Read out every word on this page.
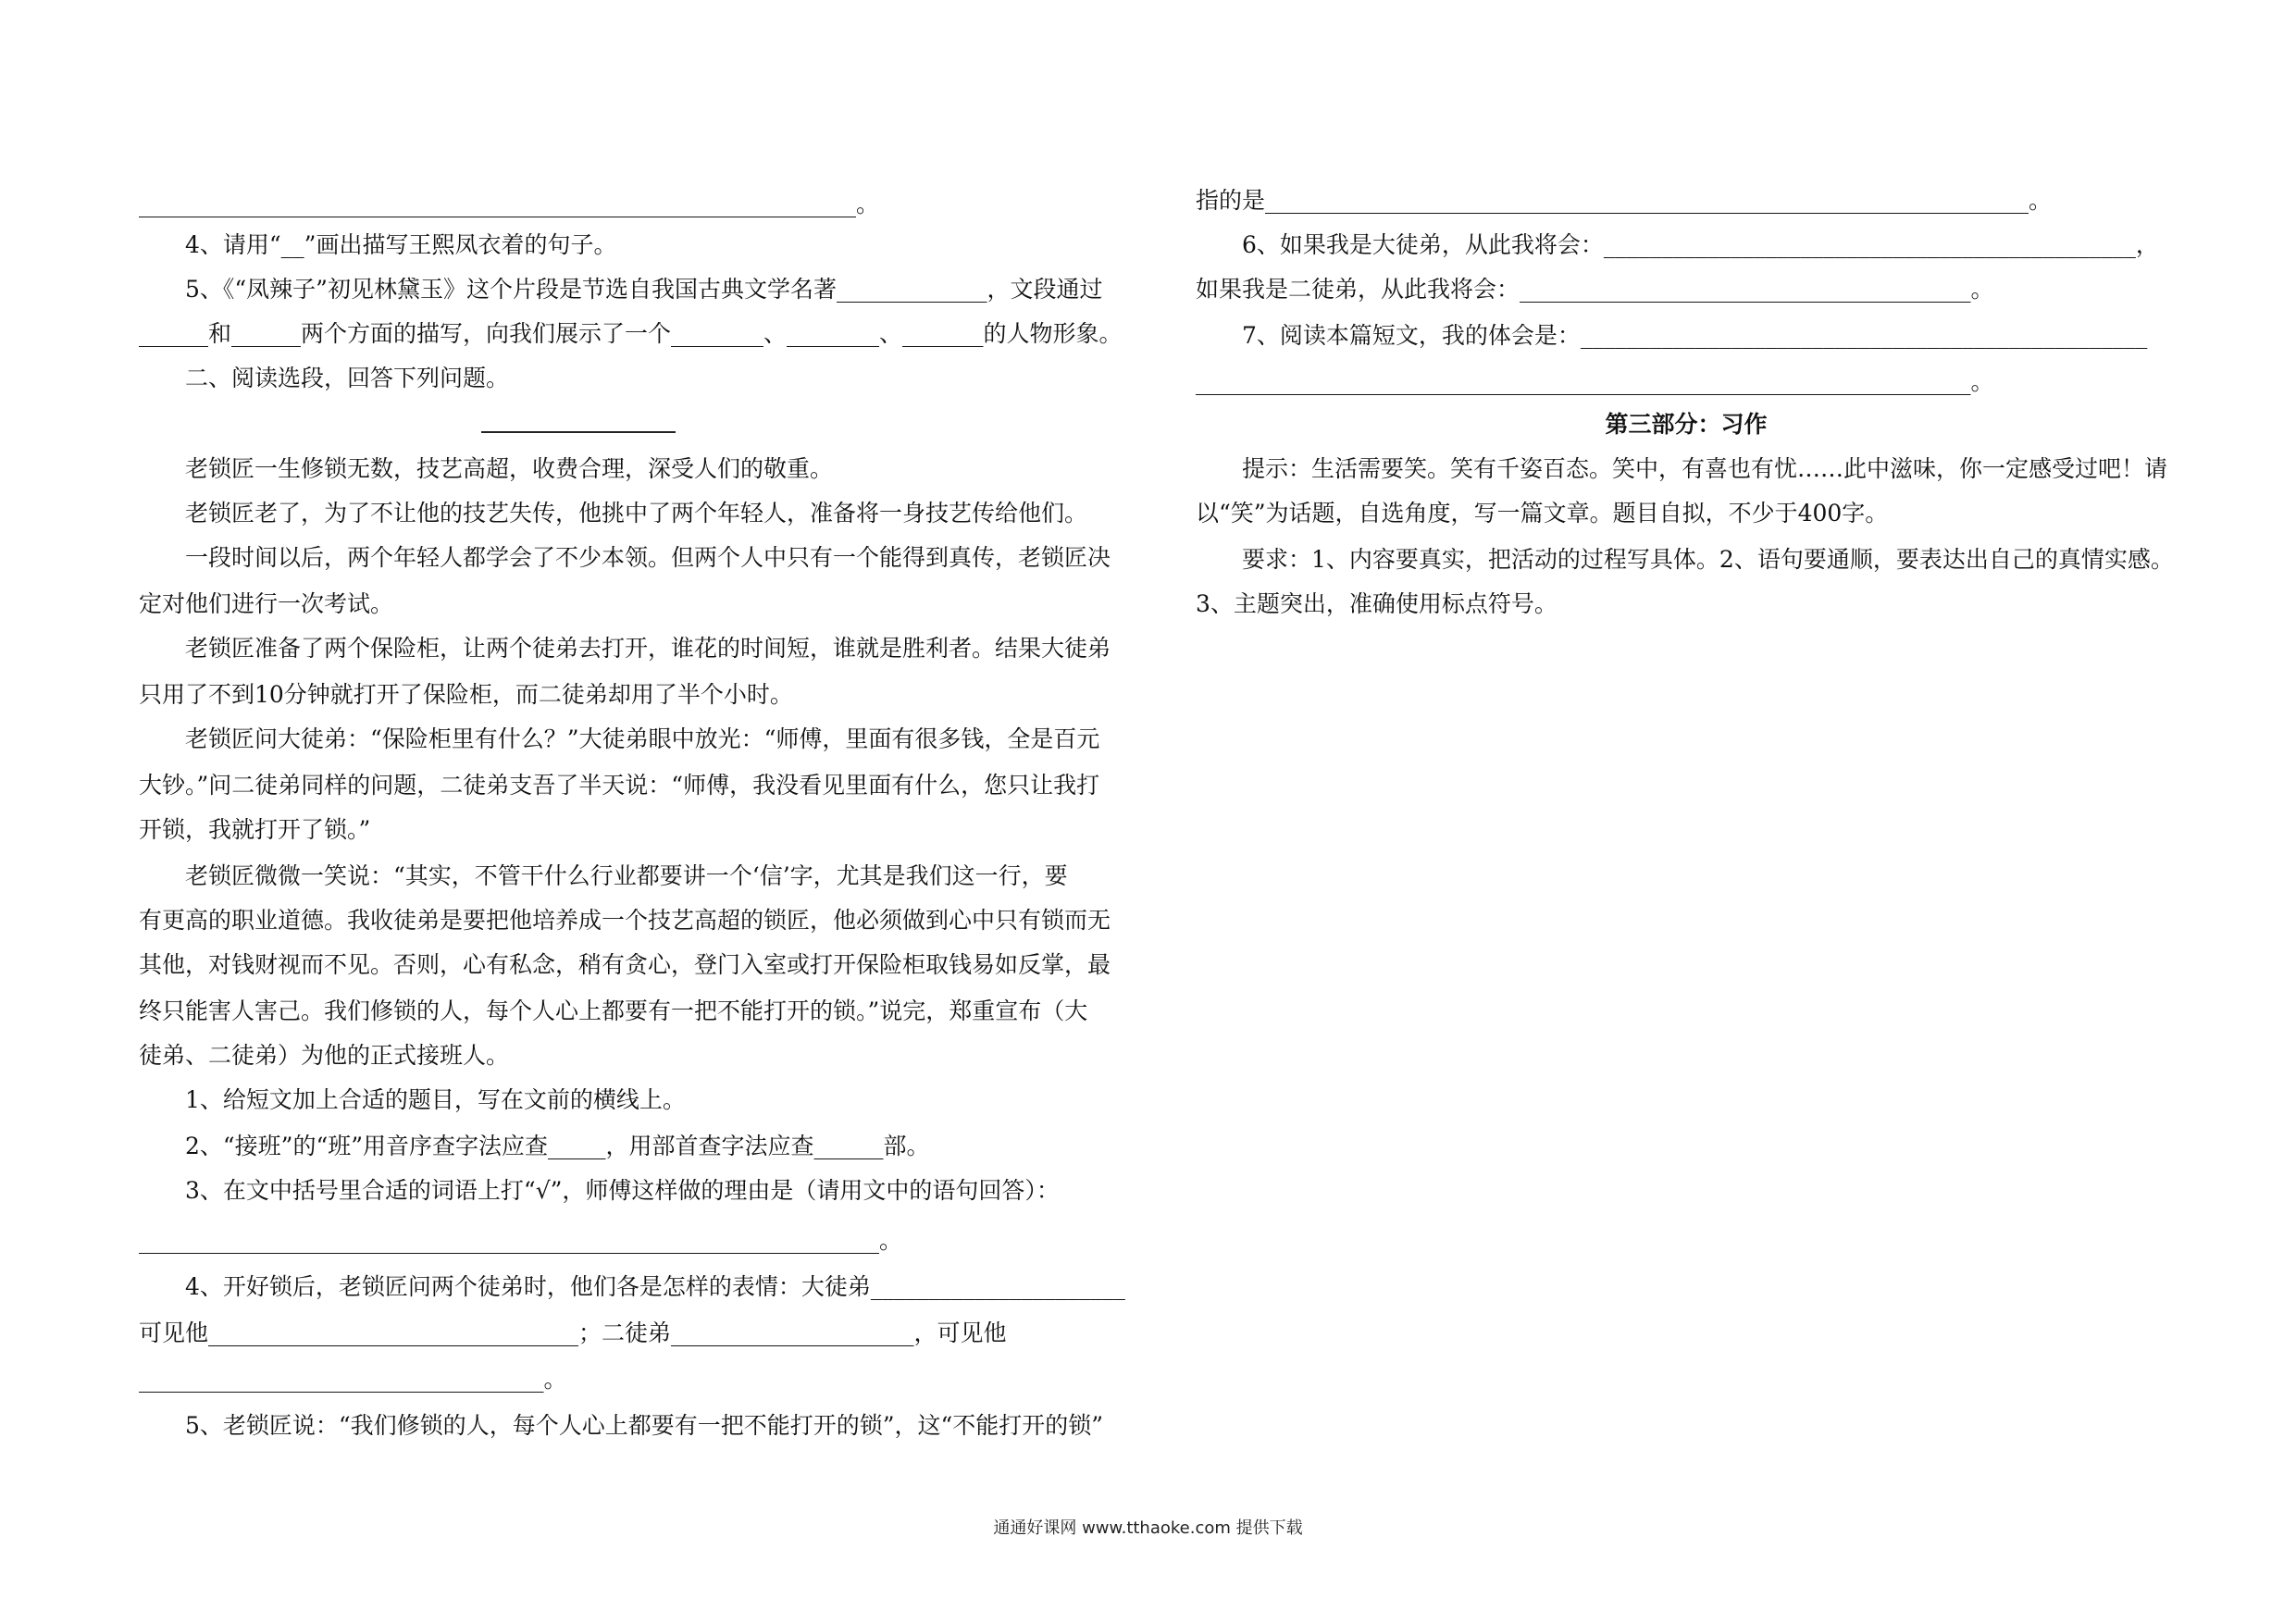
______________________________________________________________。
4、请用“__”画出描写王熙凤衣着的句子。
5、《“凤辣子”初见林黛玉》这个片段是节选自我国古典文学名著_____________，文段通过
______和______两个方面的描写，向我们展示了一个________、________、_______的人物形象。
二、阅读选段，回答下列问题。
老锁匠一生修锁无数，技艺高超，收费合理，深受人们的敬重。
老锁匠老了，为了不让他的技艺失传，他挑中了两个年轻人，准备将一身技艺传给他们。
一段时间以后，两个年轻人都学会了不少本领。但两个人中只有一个能得到真传，老锁匠决
定对他们进行一次考试。
老锁匠准备了两个保险柜，让两个徒弟去打开，谁花的时间短，谁就是胜利者。结果大徒弟
只用了不到10分钟就打开了保险柜，而二徒弟却用了半个小时。
老锁匠问大徒弟：“保险柜里有什么？”大徒弟眼中放光：“师傅，里面有很多钱，全是百元
大钞。”问二徒弟同样的问题，二徒弟支吾了半天说：“师傅，我没看见里面有什么，您只让我打
开锁，我就打开了锁。”
老锁匠微微一笑说：“其实，不管干什么行业都要讲一个‘信’字，尤其是我们这一行，要
有更高的职业道德。我收徒弟是要把他培养成一个技艺高超的锁匠，他必须做到心中只有锁而无
其他，对钱财视而不见。否则，心有私念，稍有贪心，登门入室或打开保险柜取钱易如反掌，最
终只能害人害己。我们修锁的人，每个人心上都要有一把不能打开的锁。”说完，郑重宣布（大
徒弟、二徒弟）为他的正式接班人。
1、给短文加上合适的题目，写在文前的横线上。
2、“接班”的“班”用音序查字法应查_____，用部首查字法应查______部。
3、在文中括号里合适的词语上打“√”，师傅这样做的理由是（请用文中的语句回答）：
________________________________________________________________。
4、开好锁后，老锁匠问两个徒弟时，他们各是怎样的表情：大徒弟______________________
可见他________________________________；二徒弟_____________________，可见他
___________________________________。
5、老锁匠说：“我们修锁的人，每个人心上都要有一把不能打开的锁”，这“不能打开的锁”
指的是__________________________________________________________________。
6、如果我是大徒弟，从此我将会：______________________________________________，
如果我是二徒弟，从此我将会：_______________________________________。
7、阅读本篇短文，我的体会是：_________________________________________________
___________________________________________________________________。
第三部分：习作
提示：生活需要笑。笑有千姿百态。笑中，有喜也有忧……此中滋味，你一定感受过吧！请
以“笑”为话题，自选角度，写一篇文章。题目自拟，不少于400字。
要求：1、内容要真实，把活动的过程写具体。2、语句要通顺，要表达出自己的真情实感。
3、主题突出，准确使用标点符号。
通通好课网 www.tthaoke.com 提供下载
